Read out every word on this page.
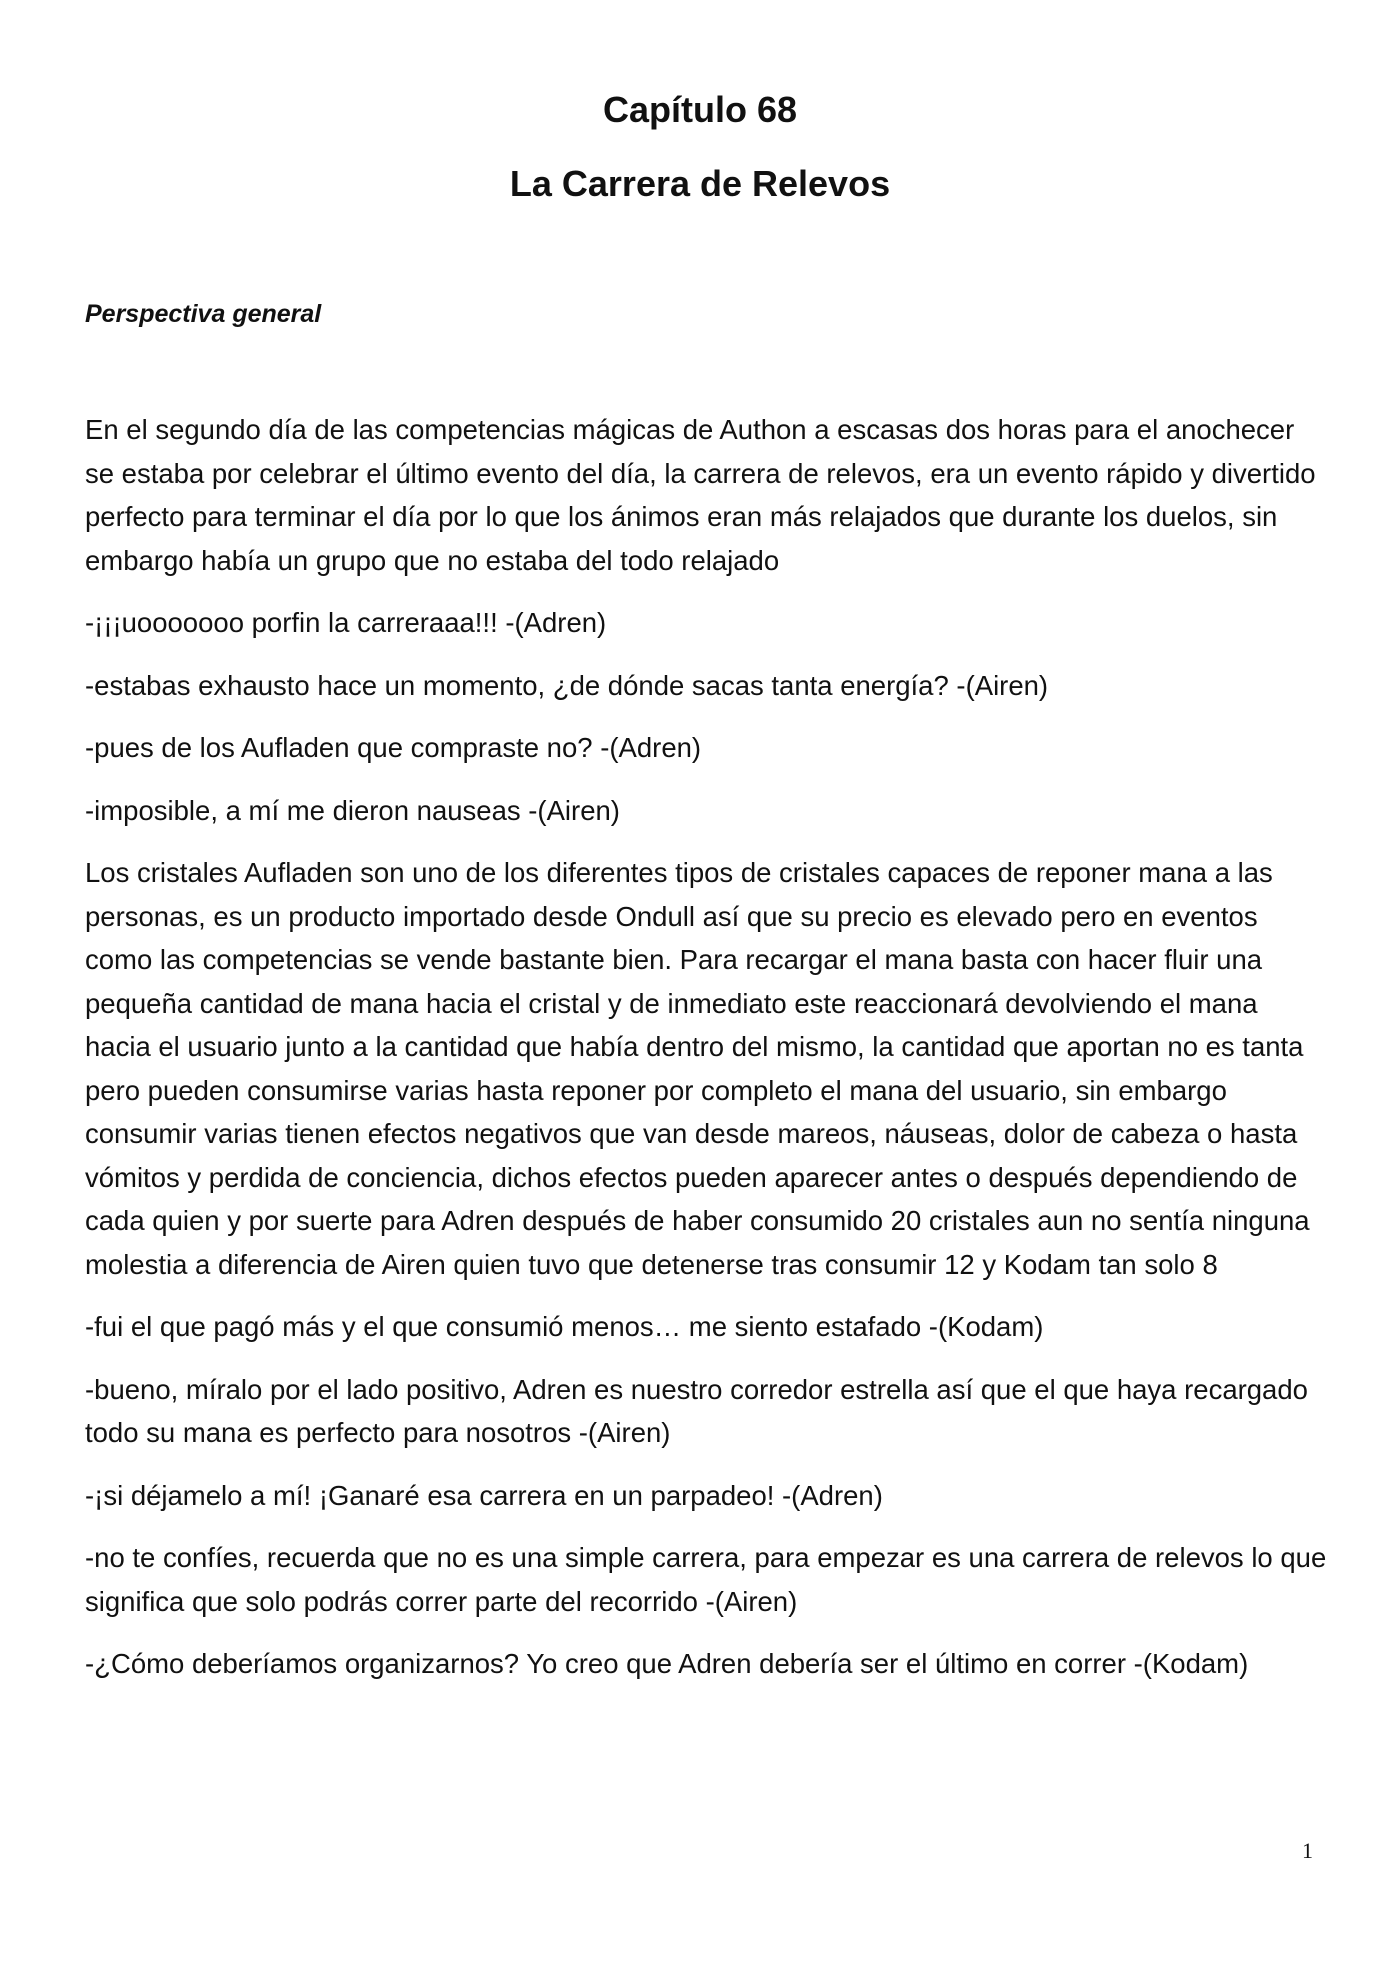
Capítulo 68
La Carrera de Relevos

Perspectiva general

En el segundo día de las competencias mágicas de Authon a escasas dos horas para el anochecer se estaba por celebrar el último evento del día, la carrera de relevos, era un evento rápido y divertido perfecto para terminar el día por lo que los ánimos eran más relajados que durante los duelos, sin embargo había un grupo que no estaba del todo relajado

-¡¡¡uooooooo porfin la carreraaa!!! -(Adren)

-estabas exhausto hace un momento, ¿de dónde sacas tanta energía? -(Airen)

-pues de los Aufladen que compraste no? -(Adren)

-imposible, a mí me dieron nauseas -(Airen)

Los cristales Aufladen son uno de los diferentes tipos de cristales capaces de reponer mana a las personas, es un producto importado desde Ondull así que su precio es elevado pero en eventos como las competencias se vende bastante bien. Para recargar el mana basta con hacer fluir una pequeña cantidad de mana hacia el cristal y de inmediato este reaccionará devolviendo el mana hacia el usuario junto a la cantidad que había dentro del mismo, la cantidad que aportan no es tanta pero pueden consumirse varias hasta reponer por completo el mana del usuario, sin embargo consumir varias tienen efectos negativos que van desde mareos, náuseas, dolor de cabeza o hasta vómitos y perdida de conciencia, dichos efectos pueden aparecer antes o después dependiendo de cada quien y por suerte para Adren después de haber consumido 20 cristales aun no sentía ninguna molestia a diferencia de Airen quien tuvo que detenerse tras consumir 12 y Kodam tan solo 8

-fui el que pagó más y el que consumió menos… me siento estafado -(Kodam)

-bueno, míralo por el lado positivo, Adren es nuestro corredor estrella así que el que haya recargado todo su mana es perfecto para nosotros -(Airen)

-¡si déjamelo a mí! ¡Ganaré esa carrera en un parpadeo! -(Adren)

-no te confíes, recuerda que no es una simple carrera, para empezar es una carrera de relevos lo que significa que solo podrás correr parte del recorrido -(Airen)

-¿Cómo deberíamos organizarnos? Yo creo que Adren debería ser el último en correr -(Kodam)

1
